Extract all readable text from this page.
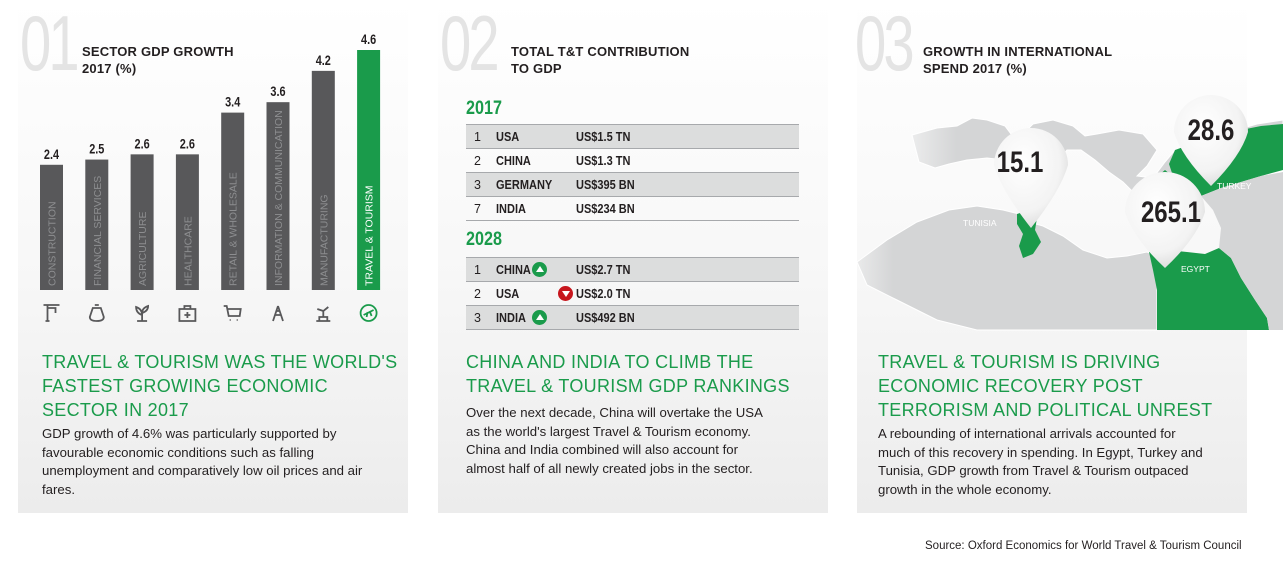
01 SECTOR GDP GROWTH
2017 (%)
2.4
CONSTRUCTION
2.5
FINANCIAL SERVICES
2.6
AGRICULTURE
2.6
HEALTHCARE
3.4
RETAIL & WHOLESALE
3.6
INFORMATION & COMMUNICATION
4.2
MANUFACTURING
4.6
TRAVEL & TOURISM
TRAVEL & TOURISM WAS THE WORLD'S
FASTEST GROWING ECONOMIC
SECTOR IN 2017
GDP growth of 4.6% was particularly supported by
favourable economic conditions such as falling
unemployment and comparatively low oil prices and air
fares.
02 TOTAL T&T CONTRIBUTION
TO GDP
2017
1 USA	US$1.5 TN
2 CHINA	US$1.3 TN
3 GERMANY US$395 BN
7 INDIA	US$234 BN
2028
1 CHINA	US$2.7 TN
2 USA	US$2.0 TN
3 INDIA	US$492 BN
CHINA AND INDIA TO CLIMB THE
TRAVEL & TOURISM GDP RANKINGS
Over the next decade, China will overtake the USA
as the world's largest Travel & Tourism economy.
China and India combined will also account for
almost half of all newly created jobs in the sector.
TUNISIA
TURKEY
EGYPT
15.1
28.6
265.1
03 GROWTH IN INTERNATIONAL
SPEND 2017 (%)
TRAVEL & TOURISM IS DRIVING
ECONOMIC RECOVERY POST
TERRORISM AND POLITICAL UNREST
A rebounding of international arrivals accounted for
much of this recovery in spending. In Egypt, Turkey and
Tunisia, GDP growth from Travel & Tourism outpaced
growth in the whole economy.
Source: Oxford Economics for World Travel & Tourism Council
